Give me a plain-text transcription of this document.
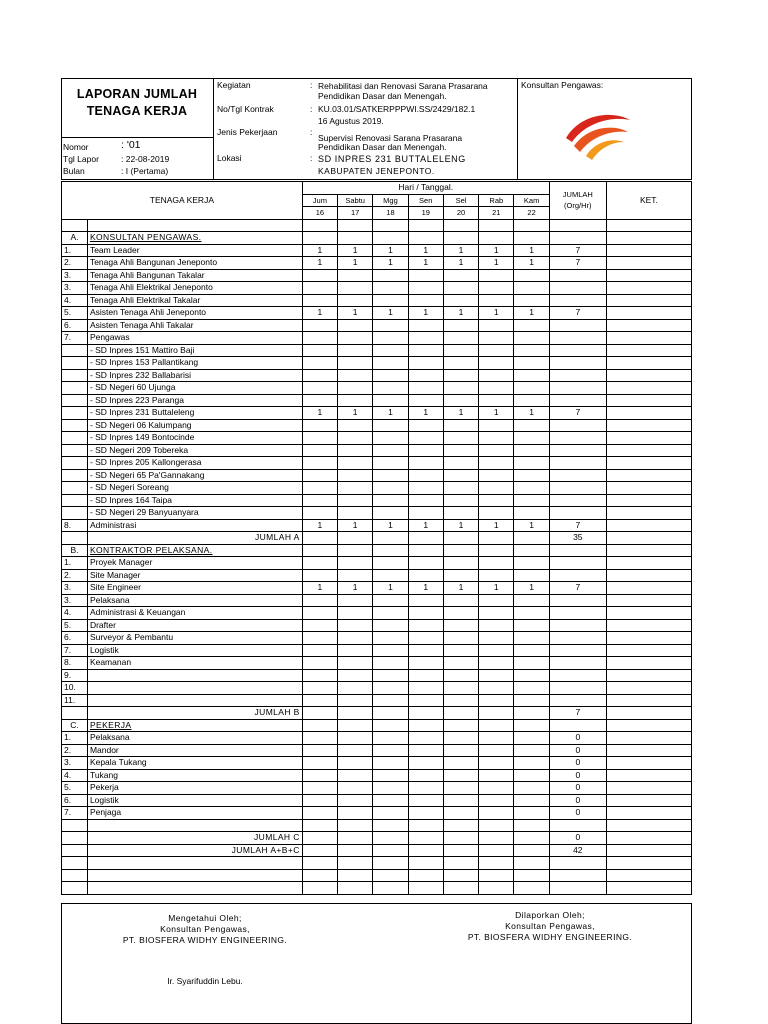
LAPORAN JUMLAH
TENAGA KERJA
Nomor	: '01
Tgl Lapor	: 22-08-2019
Bulan	: I (Pertama)
Kegiatan	: Rehabilitasi dan Renovasi Sarana Prasarana
Pendidikan Dasar dan Menengah.
No/Tgl Kontrak	: KU.03.01/SATKERPPPWI.SS/2429/182.1
16 Agustus 2019.
Jenis Pekerjaan	:
Supervisi Renovasi Sarana Prasarana
Pendidikan Dasar dan Menengah.
Lokasi	: SD INPRES 231 BUTTALELENG
KABUPATEN JENEPONTO.
Konsultan Pengawas:
TENAGA KERJA		Hari / Tanggal.							JUMLAH
(Org/Hr)	KET.
		Jum	Sabtu	Mgg	Sen	Sel	Rab	Kam		
		16	17	18	19	20	21	22		

A.	KONSULTAN PENGAWAS.									
1.	Team Leader	1	1	1	1	1	1	1	7	
2.	Tenaga Ahli Bangunan Jeneponto	1	1	1	1	1	1	1	7	
3.	Tenaga Ahli Bangunan Takalar									
3.	Tenaga Ahli Elektrikal Jeneponto									
4.	Tenaga Ahli Elektrikal Takalar									
5.	Asisten Tenaga Ahli Jeneponto	1	1	1	1	1	1	1	7	
6.	Asisten Tenaga Ahli Takalar									
7.	Pengawas									
	- SD Inpres 151 Mattiro Baji									
	- SD Inpres 153 Pallantikang									
	- SD Inpres 232 Ballabarisi									
	- SD Negeri 60 Ujunga									
	- SD Inpres 223 Paranga									
	- SD Inpres 231 Buttaleleng	1	1	1	1	1	1	1	7	
	- SD Negeri 06 Kalumpang									
	- SD Inpres 149 Bontocinde									
	- SD Negeri 209 Tobereka									
	- SD Inpres 205 Kallongerasa									
	- SD Negeri 65 Pa'Gannakang									
	- SD Negeri Soreang									
	- SD Inpres 164 Taipa									
	- SD Negeri 29 Banyuanyara									
8.	Administrasi	1	1	1	1	1	1	1	7	
	JUMLAH A								35	
B.	KONTRAKTOR PELAKSANA.									
1.	Proyek Manager									
2.	Site Manager									
3.	Site Engineer	1	1	1	1	1	1	1	7	
3.	Pelaksana									
4.	Administrasi & Keuangan									
5.	Drafter									
6.	Surveyor & Pembantu									
7.	Logistik									
8.	Keamanan									
9.										
10.										
11.										
	JUMLAH B								7	
C.	PEKERJA									
1.	Pelaksana								0	
2.	Mandor								0	
3.	Kepala Tukang								0	
4.	Tukang								0	
5.	Pekerja								0	
6.	Logistik								0	
7.	Penjaga								0	

	JUMLAH C								0	
	JUMLAH A+B+C								42	

Mengetahui Oleh;
Konsultan Pengawas,
PT. BIOSFERA WIDHY ENGINEERING.
Ir. Syarifuddin Lebu.
Dilaporkan Oleh;
Konsultan Pengawas,
PT. BIOSFERA WIDHY ENGINEERING.
